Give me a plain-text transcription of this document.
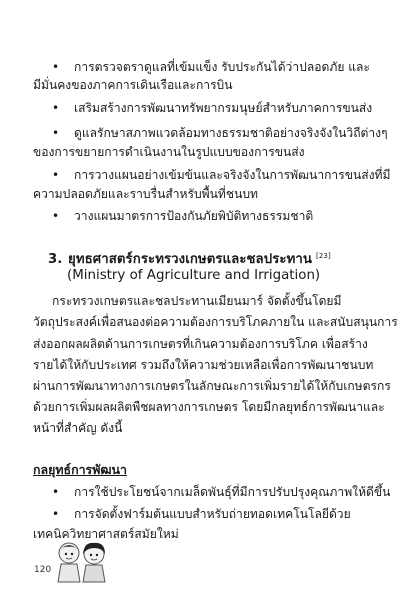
• การตรวจตราดูแลที่เข้มแข็ง รับประกันได้ว่าปลอดภัย และ
มีมั่นคงของภาคการเดินเรือและการบิน
• เสริมสร้างการพัฒนาทรัพยากรมนุษย์สำหรับภาคการขนส่ง
• ดูแลรักษาสภาพแวดล้อมทางธรรมชาติอย่างจริงจังในวิถีต่างๆ
ของการขยายการดำเนินงานในรูปแบบของการขนส่ง
• การวางแผนอย่างเข้มข้นและจริงจังในการพัฒนาการขนส่งที่มี
ความปลอดภัยและราบรื่นสำหรับพื้นที่ชนบท
• วางแผนมาตรการป้องกันภัยพิบัติทางธรรมชาติ
3. ยุทธศาสตร์กระทรวงเกษตรและชลประทาน [23]
(Ministry of Agriculture and Irrigation)
กระทรวงเกษตรและชลประทานเมียนมาร์ จัดตั้งขึ้นโดยมี
วัตถุประสงค์เพื่อสนองต่อความต้องการบริโภคภายใน และสนับสนุนการ
ส่งออกผลผลิตด้านการเกษตรที่เกินความต้องการบริโภค เพื่อสร้าง
รายได้ให้กับประเทศ รวมถึงให้ความช่วยเหลือเพื่อการพัฒนาชนบท
ผ่านการพัฒนาทางการเกษตรในลักษณะการเพิ่มรายได้ให้กับเกษตรกร
ด้วยการเพิ่มผลผลิตพืชผลทางการเกษตร โดยมีกลยุทธ์การพัฒนาและ
หน้าที่สำคัญ ดังนี้
กลยุทธ์การพัฒนา
• การใช้ประโยชน์จากเมล็ดพันธุ์ที่มีการปรับปรุงคุณภาพให้ดีขึ้น
• การจัดตั้งฟาร์มต้นแบบสำหรับถ่ายทอดเทคโนโลยีด้วย
เทคนิควิทยาศาสตร์สมัยใหม่
120
